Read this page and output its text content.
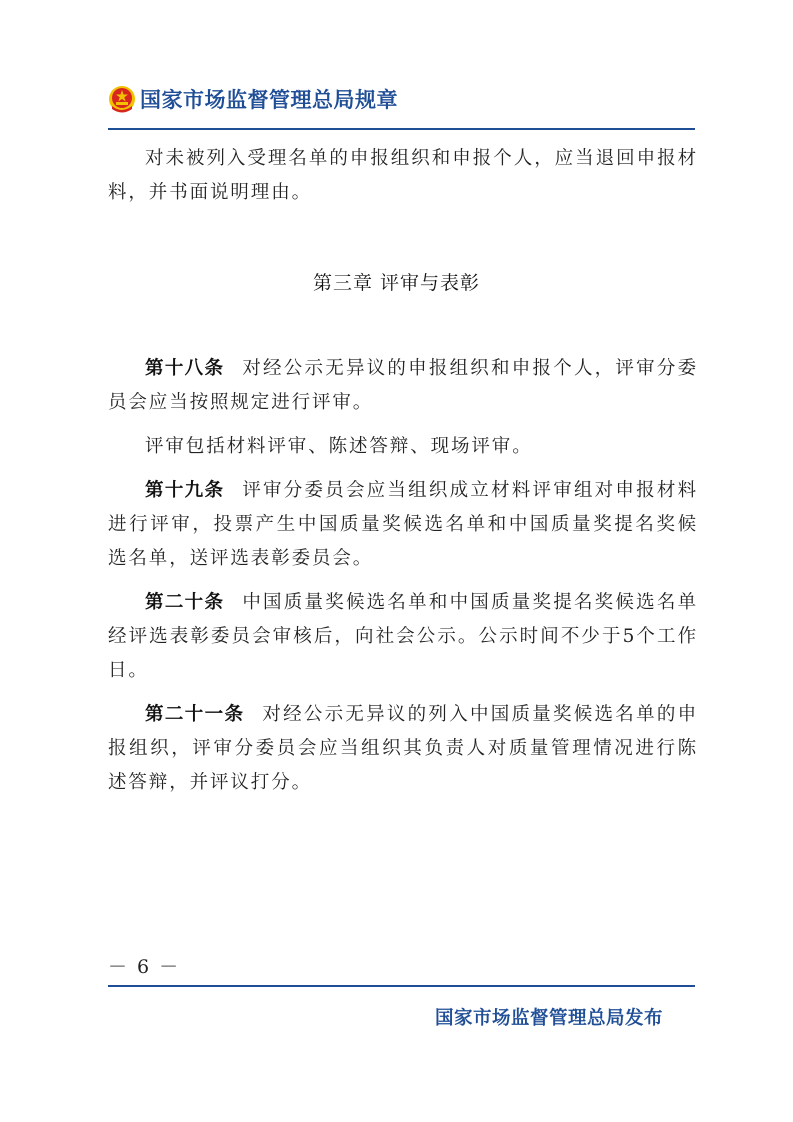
国家市场监督管理总局规章

对未被列入受理名单的申报组织和申报个人，应当退回申报材料，并书面说明理由。

第三章 评审与表彰

第十八条 对经公示无异议的申报组织和申报个人，评审分委员会应当按照规定进行评审。

评审包括材料评审、陈述答辩、现场评审。

第十九条 评审分委员会应当组织成立材料评审组对申报材料进行评审，投票产生中国质量奖候选名单和中国质量奖提名奖候选名单，送评选表彰委员会。

第二十条 中国质量奖候选名单和中国质量奖提名奖候选名单经评选表彰委员会审核后，向社会公示。公示时间不少于5个工作日。

第二十一条 对经公示无异议的列入中国质量奖候选名单的申报组织，评审分委员会应当组织其负责人对质量管理情况进行陈述答辩，并评议打分。

－ 6 －
国家市场监督管理总局发布
